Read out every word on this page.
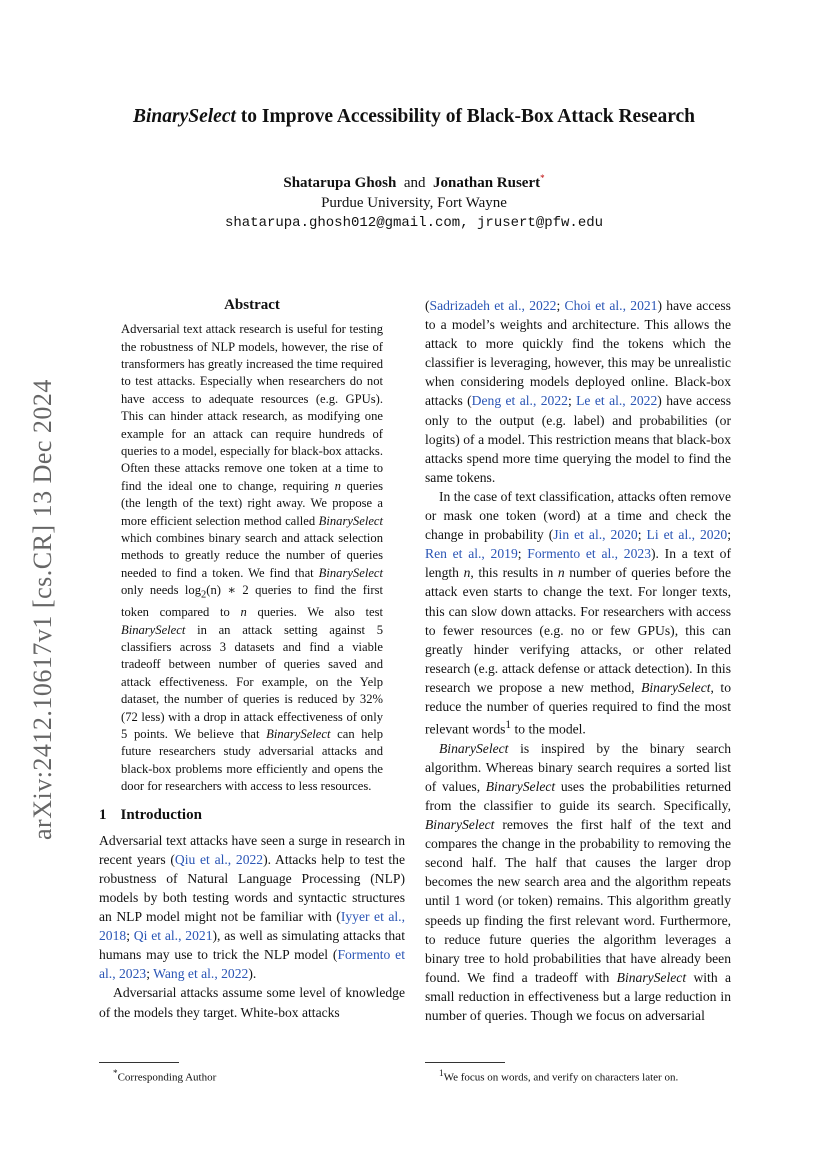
arXiv:2412.10617v1 [cs.CR] 13 Dec 2024
BinarySelect to Improve Accessibility of Black-Box Attack Research
Shatarupa Ghosh and Jonathan Rusert*
Purdue University, Fort Wayne
shatarupa.ghosh012@gmail.com, jrusert@pfw.edu
Abstract

Adversarial text attack research is useful for testing the robustness of NLP models, however, the rise of transformers has greatly increased the time required to test attacks. Especially when researchers do not have access to adequate resources (e.g. GPUs). This can hinder attack research, as modifying one example for an attack can require hundreds of queries to a model, especially for black-box attacks. Often these attacks remove one token at a time to find the ideal one to change, requiring n queries (the length of the text) right away. We propose a more efficient selection method called BinarySelect which combines binary search and attack selection methods to greatly reduce the number of queries needed to find a token. We find that BinarySelect only needs $\log_2(n)$ ∗ 2 queries to find the first token compared to n queries. We also test BinarySelect in an attack setting against 5 classifiers across 3 datasets and find a viable tradeoff between number of queries saved and attack effectiveness. For example, on the Yelp dataset, the number of queries is reduced by 32% (72 less) with a drop in attack effectiveness of only 5 points. We believe that BinarySelect can help future researchers study adversarial attacks and black-box problems more efficiently and opens the door for researchers with access to less resources.

1 Introduction

Adversarial text attacks have seen a surge in research in recent years (Qiu et al., 2022). Attacks help to test the robustness of Natural Language Processing (NLP) models by both testing words and syntactic structures an NLP model might not be familiar with (Iyyer et al., 2018; Qi et al., 2021), as well as simulating attacks that humans may use to trick the NLP model (Formento et al., 2023; Wang et al., 2022).

Adversarial attacks assume some level of knowledge of the models they target. White-box attacks

*Corresponding Author

(Sadrizadeh et al., 2022; Choi et al., 2021) have access to a model’s weights and architecture. This allows the attack to more quickly find the tokens which the classifier is leveraging, however, this may be unrealistic when considering models deployed online. Black-box attacks (Deng et al., 2022; Le et al., 2022) have access only to the output (e.g. label) and probabilities (or logits) of a model. This restriction means that black-box attacks spend more time querying the model to find the same tokens.

In the case of text classification, attacks often remove or mask one token (word) at a time and check the change in probability (Jin et al., 2020; Li et al., 2020; Ren et al., 2019; Formento et al., 2023). In a text of length n, this results in n number of queries before the attack even starts to change the text. For longer texts, this can slow down attacks. For researchers with access to fewer resources (e.g. no or few GPUs), this can greatly hinder verifying attacks, or other related research (e.g. attack defense or attack detection). In this research we propose a new method, BinarySelect, to reduce the number of queries required to find the most relevant words$^1$ to the model.

BinarySelect is inspired by the binary search algorithm. Whereas binary search requires a sorted list of values, BinarySelect uses the probabilities returned from the classifier to guide its search. Specifically, BinarySelect removes the first half of the text and compares the change in the probability to removing the second half. The half that causes the larger drop becomes the new search area and the algorithm repeats until 1 word (or token) remains. This algorithm greatly speeds up finding the first relevant word. Furthermore, to reduce future queries the algorithm leverages a binary tree to hold probabilities that have already been found. We find a tradeoff with BinarySelect with a small reduction in effectiveness but a large reduction in number of queries. Though we focus on adversarial

$^1$We focus on words, and verify on characters later on.
